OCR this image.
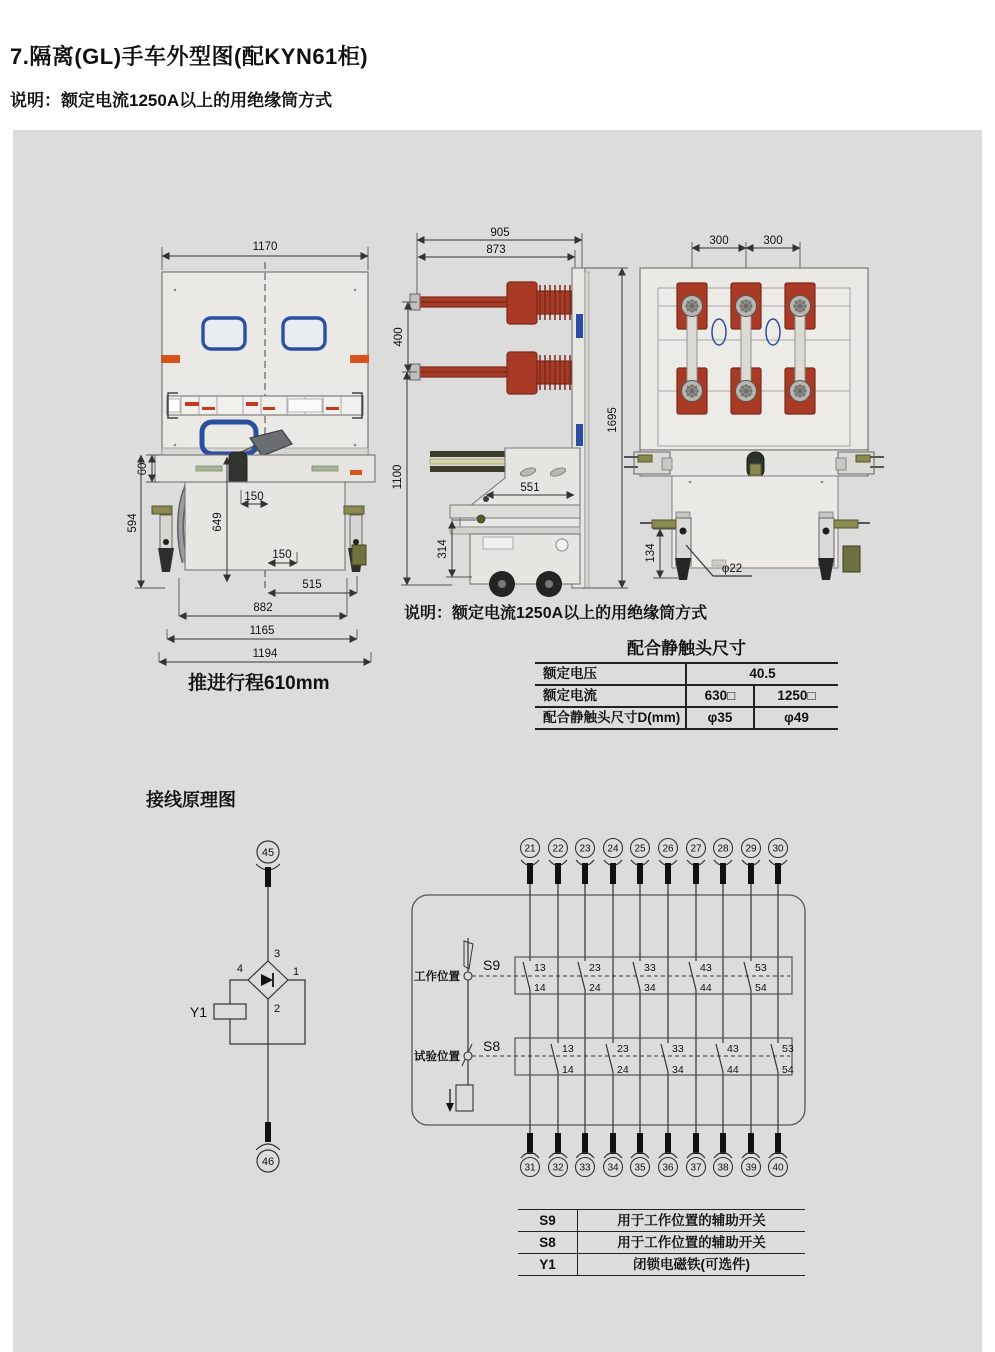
7.隔离(GL)手车外型图(配KYN61柜)
说明：额定电流1250A以上的用绝缘筒方式
1170
60
594	649
150
150
515
882
1165
1194
905
873
400
1695
1100	551
314
300	300
134
φ22
45
3
1
2
4
Y1
46
21 22 23 24 25 26 27 28 29 30
工作位置
S9	13	23	33	43	53
14	24	34	44	54
试验位置
S8	13	23	33	43	53
14	24	34	44	54
31 32 33 34 35 36 37 38 39 40
推进行程610mm
说明：额定电流1250A以上的用绝缘筒方式
配合静触头尺寸
额定电压	40.5
额定电流	630□	1250□
配合静触头尺寸D(mm)	φ35	φ49
接线原理图
S9	用于工作位置的辅助开关
S8	用于工作位置的辅助开关
Y1	闭锁电磁铁(可选件)
